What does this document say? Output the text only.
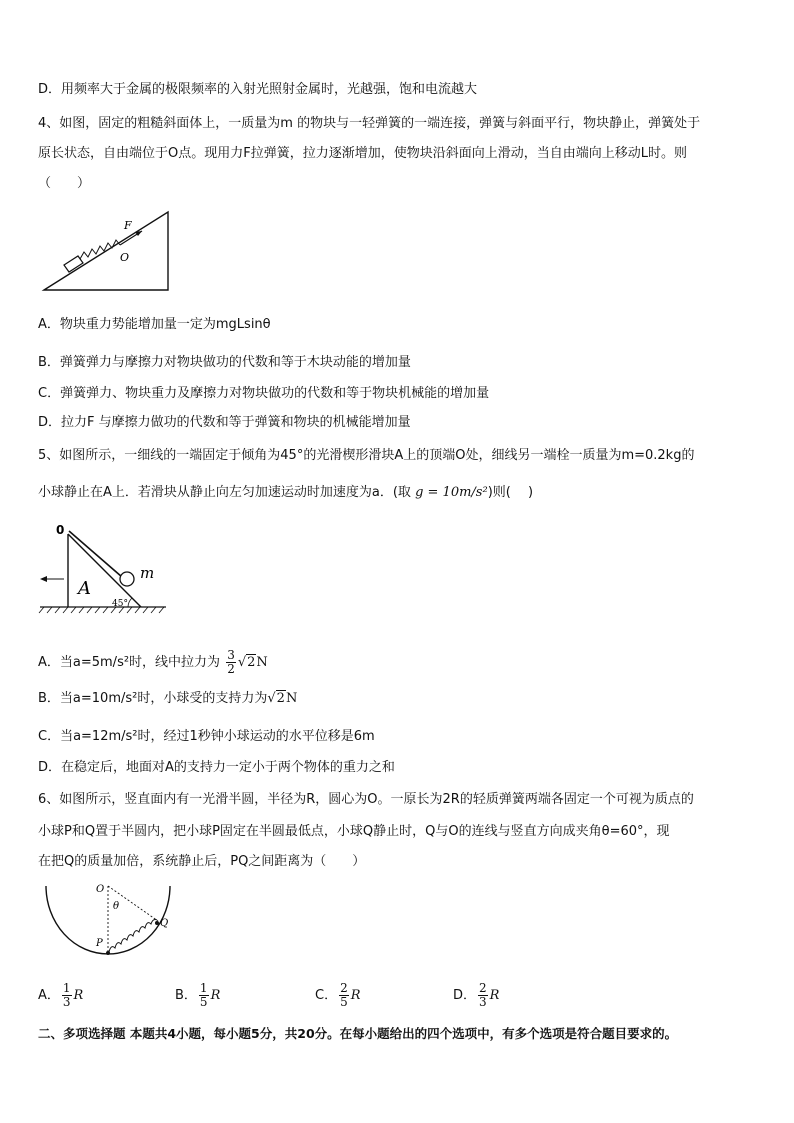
D．用频率大于金属的极限频率的入射光照射金属时，光越强，饱和电流越大
4、如图，固定的粗糙斜面体上，一质量为m 的物块与一轻弹簧的一端连接，弹簧与斜面平行，物块静止，弹簧处于
原长状态，自由端位于O点。现用力F拉弹簧，拉力逐渐增加，使物块沿斜面向上滑动，当自由端向上移动L时。则
（　　）
F
O
A．物块重力势能增加量一定为mgLsinθ
B．弹簧弹力与摩擦力对物块做功的代数和等于木块动能的增加量
C．弹簧弹力、物块重力及摩擦力对物块做功的代数和等于物块机械能的增加量
D．拉力F 与摩擦力做功的代数和等于弹簧和物块的机械能增加量
5、如图所示，一细线的一端固定于倾角为45°的光滑楔形滑块A上的顶端O处，细线另一端栓一质量为m=0.2kg的
小球静止在A上．若滑块从静止向左匀加速运动时加速度为a．(取 g = 10m/s²)则(　 )
0
m
A
45°
A．当a=5m/s²时，线中拉力为 $\frac{3}{2} √2N$
B．当a=10m/s²时，小球受的支持力为√2N
C．当a=12m/s²时，经过1秒钟小球运动的水平位移是6m
D．在稳定后，地面对A的支持力一定小于两个物体的重力之和
6、如图所示，竖直面内有一光滑半圆，半径为R，圆心为O。一原长为2R的轻质弹簧两端各固定一个可视为质点的
小球P和Q置于半圆内，把小球P固定在半圆最低点，小球Q静止时，Q与O的连线与竖直方向成夹角θ=60°，现
在把Q的质量加倍，系统静止后，PQ之间距离为（　　）
O
θ
Q
P
A． $\frac{1}{3}$ R	B． $\frac{1}{5}$ R	C． $\frac{2}{5}$ R	D． $\frac{2}{3}$ R
二、多项选择题 本题共4小题，每小题5分，共20分。在每小题给出的四个选项中，有多个选项是符合题目要求的。
